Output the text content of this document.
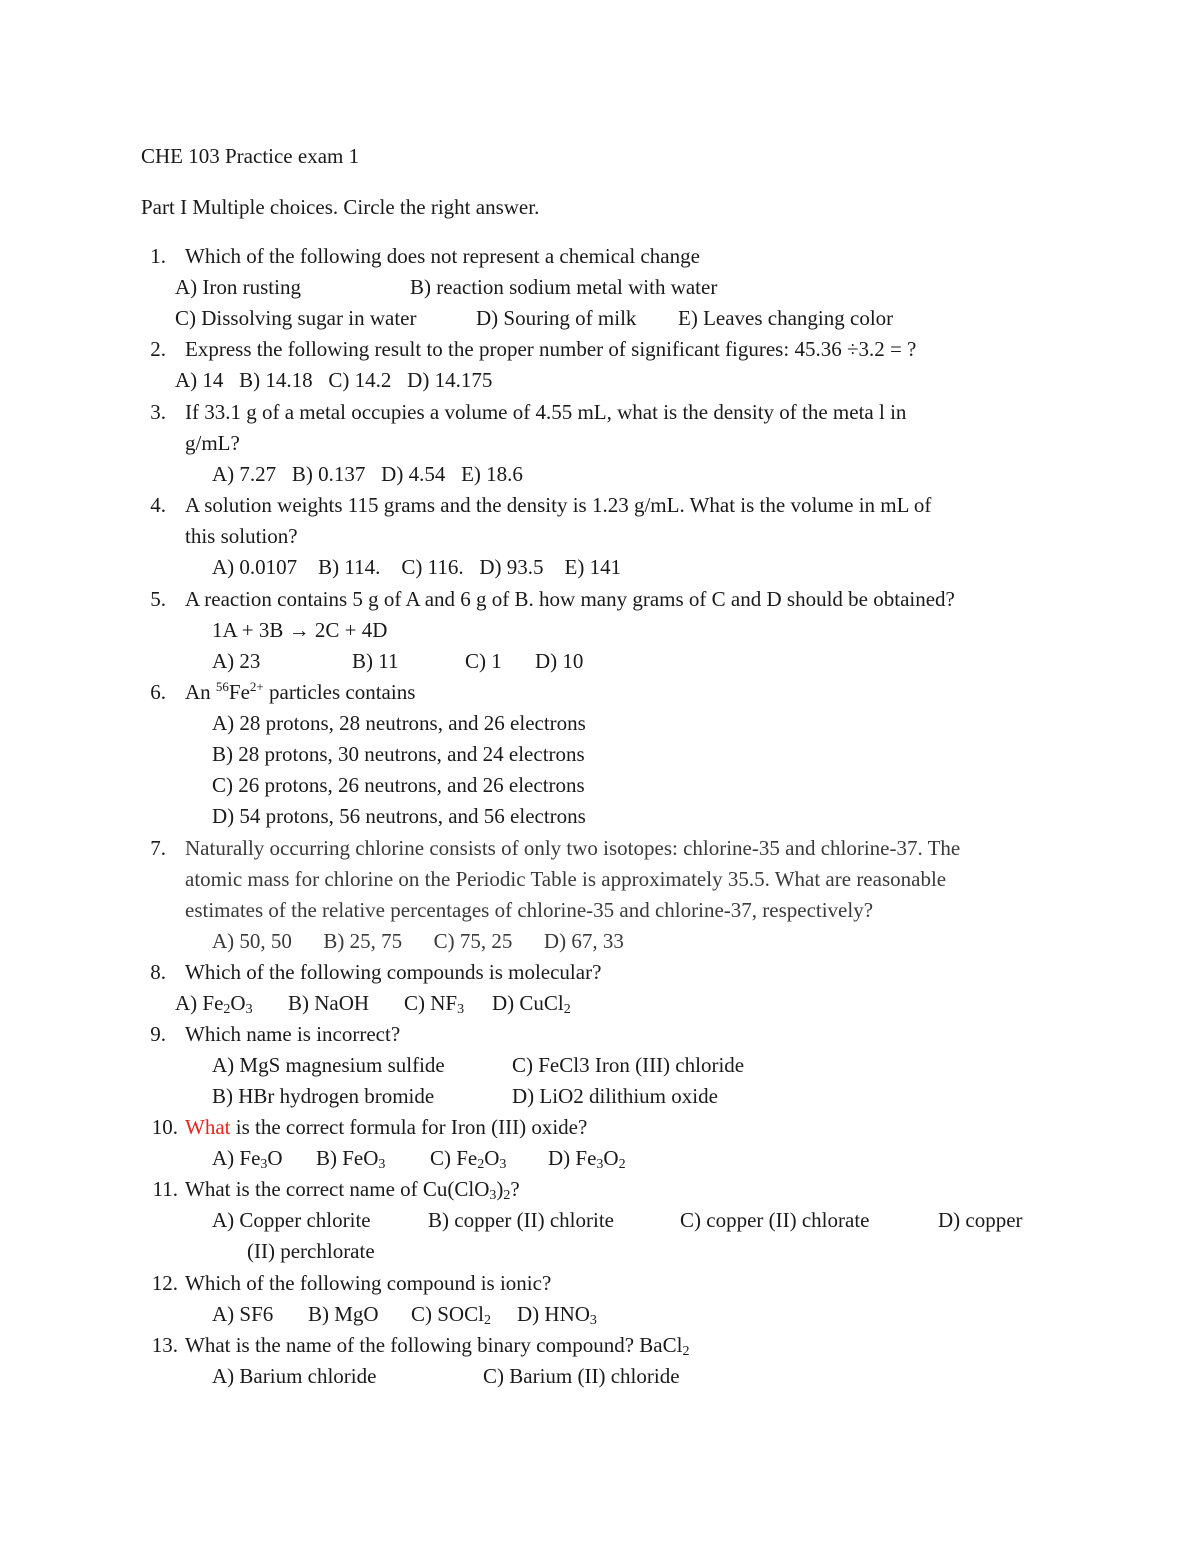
CHE 103 Practice exam 1
Part I Multiple choices. Circle the right answer.
1. Which of the following does not represent a chemical change
A) Iron rusting	B) reaction sodium metal with water
C) Dissolving sugar in water	D) Souring of milk E) Leaves changing color
2. Express the following result to the proper number of significant figures: 45.36 ÷3.2 = ?
A) 14   B) 14.18   C) 14.2   D) 14.175
3. If 33.1 g of a metal occupies a volume of 4.55 mL, what is the density of the meta l in
g/mL?
A) 7.27   B) 0.137   D) 4.54   E) 18.6
4. A solution weights 115 grams and the density is 1.23 g/mL. What is the volume in mL of
this solution?
A) 0.0107    B) 114.    C) 116.   D) 93.5    E) 141
5. A reaction contains 5 g of A and 6 g of B. how many grams of C and D should be obtained?
1A + 3B → 2C + 4D
A) 23	B) 11	C) 1 D) 10
6. An $^{56}Fe^{2+}$ particles contains
A) 28 protons, 28 neutrons, and 26 electrons
B) 28 protons, 30 neutrons, and 24 electrons
C) 26 protons, 26 neutrons, and 26 electrons
D) 54 protons, 56 neutrons, and 56 electrons
7. Naturally occurring chlorine consists of only two isotopes: chlorine-35 and chlorine-37. The
atomic mass for chlorine on the Periodic Table is approximately 35.5. What are reasonable
estimates of the relative percentages of chlorine-35 and chlorine-37, respectively?
A) 50, 50      B) 25, 75      C) 75, 25      D) 67, 33
8. Which of the following compounds is molecular?
A) Fe2O3 B) NaOH C) NF3 D) CuCl2
9. Which name is incorrect?
A) MgS magnesium sulfide	C) FeCl3 Iron (III) chloride
B) HBr hydrogen bromide	D) LiO2 dilithium oxide
10. What is the correct formula for Iron (III) oxide?
A) Fe3O B) FeO3 C) Fe2O3 D) Fe3O2
11. What is the correct name of Cu(ClO3)2?
A) Copper chlorite	B) copper (II) chlorite	C) copper (II) chlorate	D) copper
(II) perchlorate
12. Which of the following compound is ionic?
A) SF6 B) MgO C) SOCl2 D) HNO3
13. What is the name of the following binary compound? BaCl2
A) Barium chloride	C) Barium (II) chloride
